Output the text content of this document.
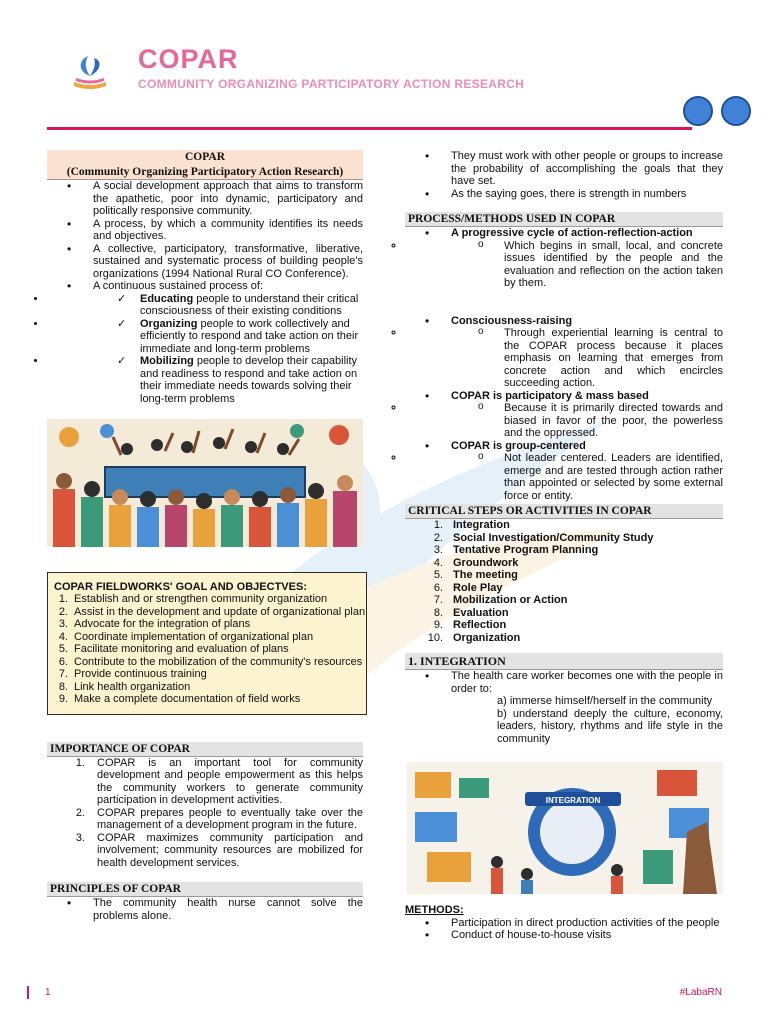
COPAR
COMMUNITY ORGANIZING PARTICIPATORY ACTION RESEARCH
COPAR
(Community Organizing Participatory Action Research)
• A social development approach that aims to transform the apathetic, poor into dynamic, participatory and politically responsive community.
• A process, by which a community identifies its needs and objectives.
• A collective, participatory, transformative, liberative, sustained and systematic process of building people's organizations (1994 National Rural CO Conference).
• A continuous sustained process of:
✓ • Educating people to understand their critical consciousness of their existing conditions
✓ • Organizing people to work collectively and efficiently to respond and take action on their immediate and long-term problems
✓ • Mobilizing people to develop their capability and readiness to respond and take action on their immediate needs towards solving their long-term problems
COPAR FIELDWORKS' GOAL AND OBJECTVES:
1. Establish and or strengthen community organization
2. Assist in the development and update of organizational plan
3. Advocate for the integration of plans
4. Coordinate implementation of organizational plan
5. Facilitate monitoring and evaluation of plans
6. Contribute to the mobilization of the community's resources
7. Provide continuous training
8. Link health organization
9. Make a complete documentation of field works
IMPORTANCE OF COPAR
1. COPAR is an important tool for community development and people empowerment as this helps the community workers to generate community participation in development activities.
2. COPAR prepares people to eventually take over the management of a development program in the future.
3. COPAR maximizes community participation and involvement; community resources are mobilized for health development services.
PRINCIPLES OF COPAR
• The community health nurse cannot solve the problems alone.
• They must work with other people or groups to increase the probability of accomplishing the goals that they have set.
• As the saying goes, there is strength in numbers
PROCESS/METHODS USED IN COPAR
• A progressive cycle of action-reflection-action
o ◦ Which begins in small, local, and concrete issues identified by the people and the evaluation and reflection on the action taken by them.
• Consciousness-raising
o ◦ Through experiential learning is central to the COPAR process because it places emphasis on learning that emerges from concrete action and which encircles succeeding action.
• COPAR is participatory & mass based
o ◦ Because it is primarily directed towards and biased in favor of the poor, the powerless and the oppressed.
• COPAR is group-centered
o ◦ Not leader centered. Leaders are identified, emerge and are tested through action rather than appointed or selected by some external force or entity.
CRITICAL STEPS OR ACTIVITIES IN COPAR
1. Integration
2. Social Investigation/Community Study
3. Tentative Program Planning
4. Groundwork
5. The meeting
6. Role Play
7. Mobilization or Action
8. Evaluation
9. Reflection
10. Organization
1. INTEGRATION
• The health care worker becomes one with the people in order to:
a) immerse himself/herself in the community
b) understand deeply the culture, economy, leaders, history, rhythms and life style in the community
INTEGRATION
METHODS:
• Participation in direct production activities of the people
• Conduct of house-to-house visits
1	#LabaRN
